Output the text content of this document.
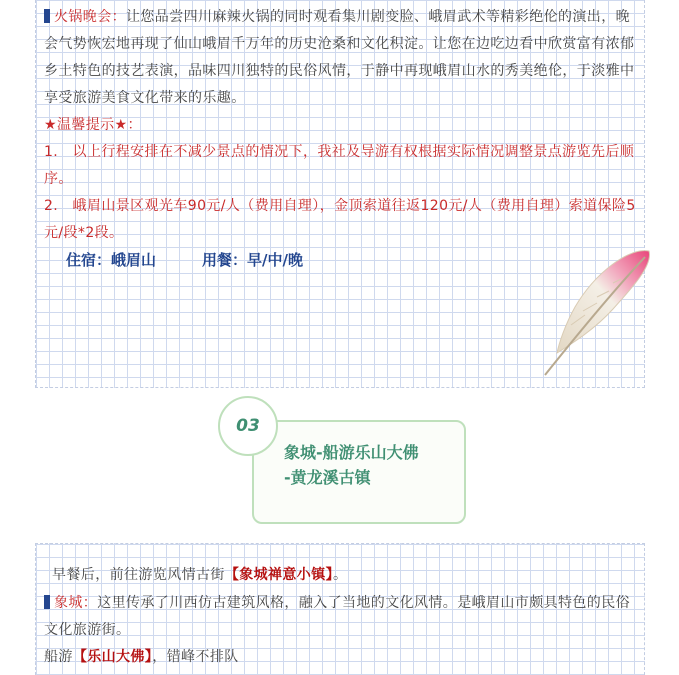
火锅晚会：让您品尝四川麻辣火锅的同时观看集川剧变脸、峨眉武术等精彩绝伦的演出，晚会气势恢宏地再现了仙山峨眉千万年的历史沧桑和文化积淀。让您在边吃边看中欣赏富有浓郁乡土特色的技艺表演，品味四川独特的民俗风情，于静中再现峨眉山水的秀美绝伦，于淡雅中享受旅游美食文化带来的乐趣。
★温馨提示★：
1.　以上行程安排在不减少景点的情况下，我社及导游有权根据实际情况调整景点游览先后顺序。
2.　峨眉山景区观光车90元/人（费用自理），金顶索道往返120元/人（费用自理）索道保险5元/段*2段。
住宿：峨眉山	用餐：早/中/晚
03
象城-船游乐山大佛
-黄龙溪古镇
早餐后，前往游览风情古街【象城禅意小镇】。
象城：这里传承了川西仿古建筑风格，融入了当地的文化风情。是峨眉山市颇具特色的民俗文化旅游街。
船游【乐山大佛】，错峰不排队
